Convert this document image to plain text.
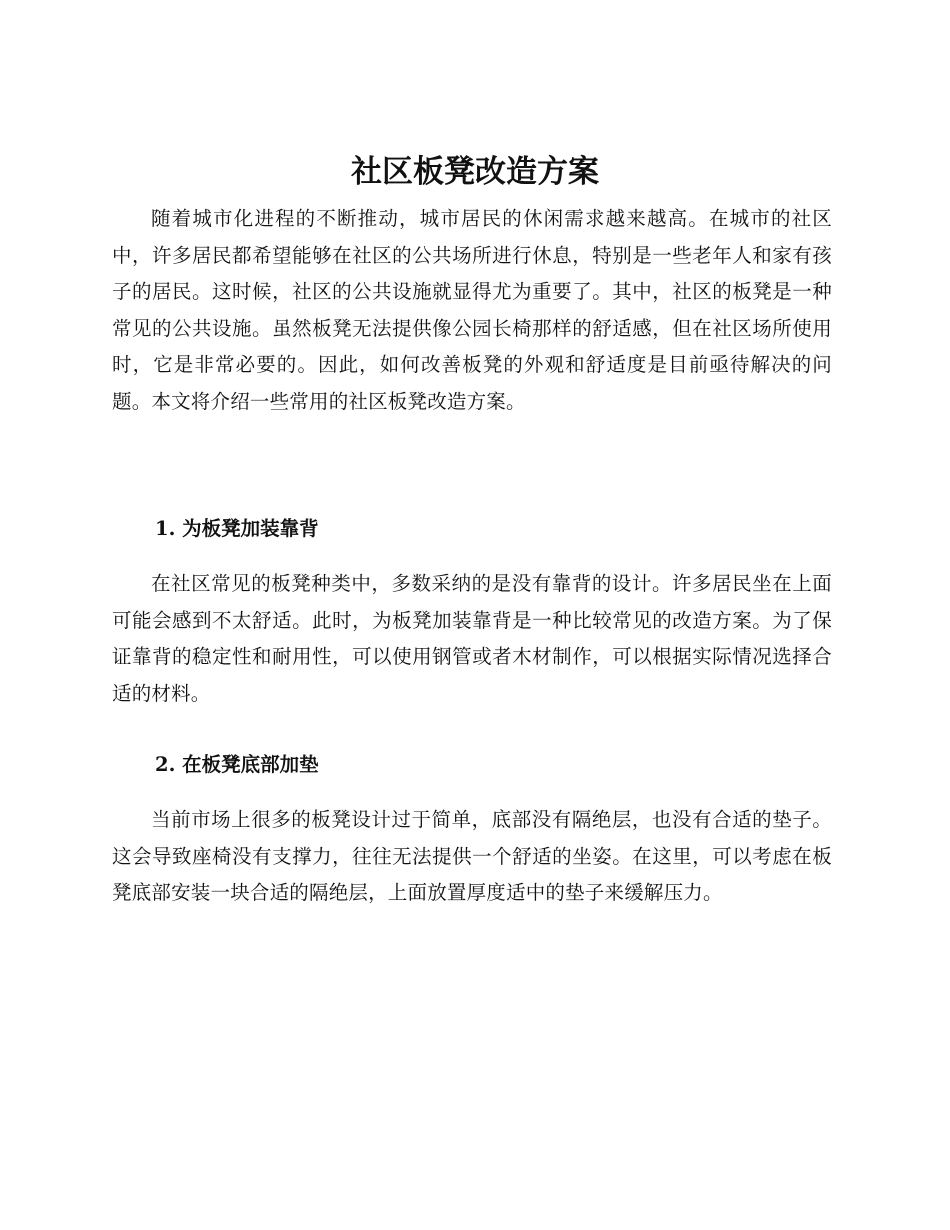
社区板凳改造方案

随着城市化进程的不断推动，城市居民的休闲需求越来越高。在城市的社区中，许多居民都希望能够在社区的公共场所进行休息，特别是一些老年人和家有孩子的居民。这时候，社区的公共设施就显得尤为重要了。其中，社区的板凳是一种常见的公共设施。虽然板凳无法提供像公园长椅那样的舒适感，但在社区场所使用时，它是非常必要的。因此，如何改善板凳的外观和舒适度是目前亟待解决的问题。本文将介绍一些常用的社区板凳改造方案。

1. 为板凳加装靠背

在社区常见的板凳种类中，多数采纳的是没有靠背的设计。许多居民坐在上面可能会感到不太舒适。此时，为板凳加装靠背是一种比较常见的改造方案。为了保证靠背的稳定性和耐用性，可以使用钢管或者木材制作，可以根据实际情况选择合适的材料。

2. 在板凳底部加垫

当前市场上很多的板凳设计过于简单，底部没有隔绝层，也没有合适的垫子。这会导致座椅没有支撑力，往往无法提供一个舒适的坐姿。在这里，可以考虑在板凳底部安装一块合适的隔绝层，上面放置厚度适中的垫子来缓解压力。
